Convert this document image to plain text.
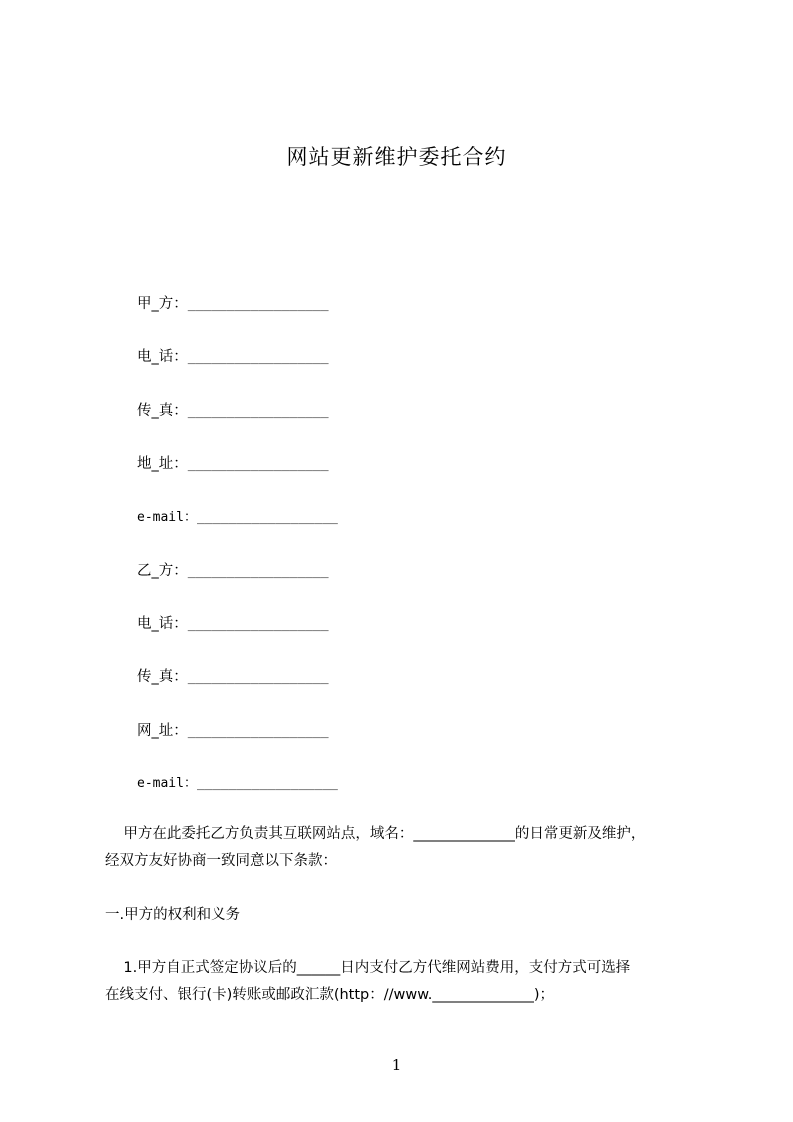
网站更新维护委托合约
甲_方：__________________
电_话：__________________
传_真：__________________
地_址：__________________
e-mail：__________________
乙_方：__________________
电_话：__________________
传_真：__________________
网_址：__________________
e-mail：__________________
甲方在此委托乙方负责其互联网站点，域名：______________的日常更新及维护，
经双方友好协商一致同意以下条款：
一.甲方的权利和义务
1.甲方自正式签定协议后的______日内支付乙方代维网站费用，支付方式可选择
在线支付、银行(卡)转账或邮政汇款(http：//www.______________)；
1
